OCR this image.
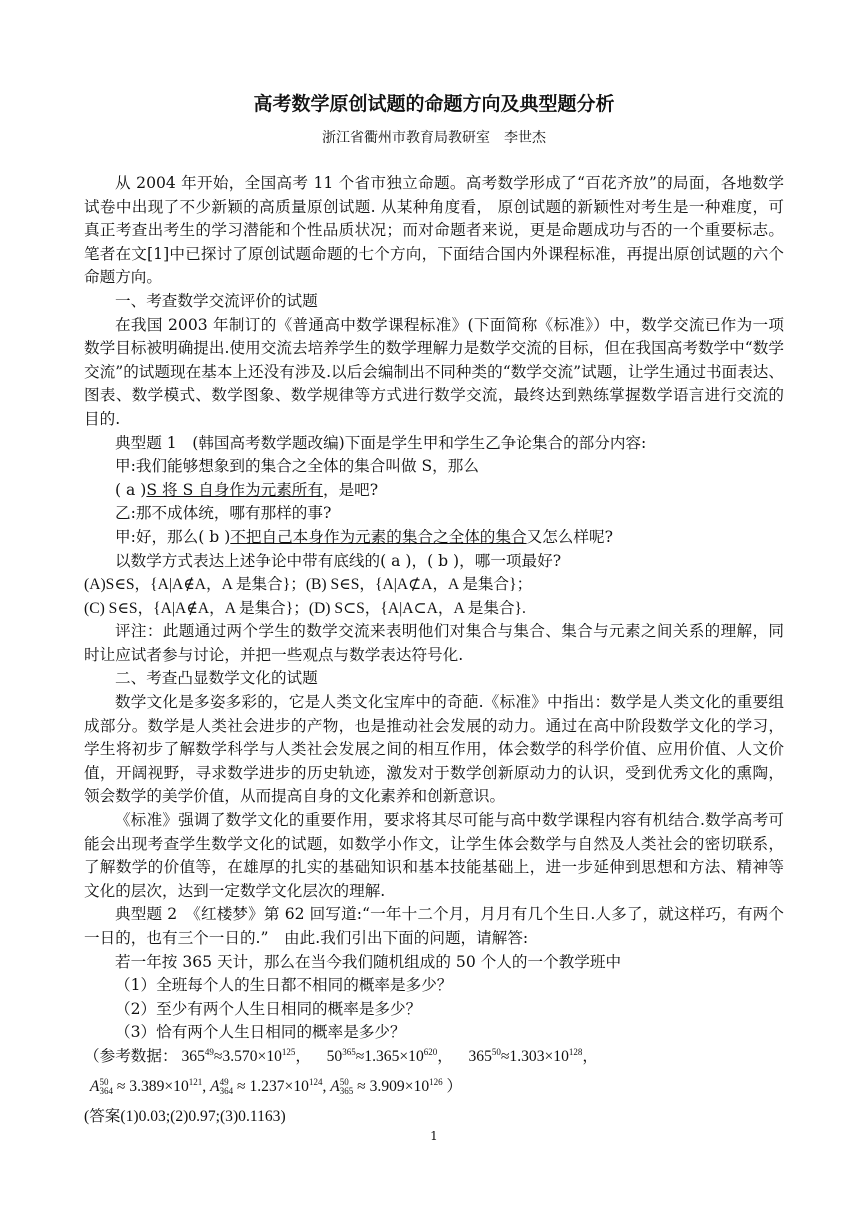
高考数学原创试题的命题方向及典型题分析
浙江省衢州市教育局教研室　李世杰

从 2004 年开始，全国高考 11 个省市独立命题。高考数学形成了“百花齐放”的局面，各地数学试卷中出现了不少新颖的高质量原创试题. 从某种角度看， 原创试题的新颖性对考生是一种难度，可真正考查出考生的学习潜能和个性品质状况；而对命题者来说，更是命题成功与否的一个重要标志。笔者在文[1]中已探讨了原创试题命题的七个方向，下面结合国内外课程标准，再提出原创试题的六个命题方向。

一、考查数学交流评价的试题

在我国 2003 年制订的《普通高中数学课程标准》(下面简称《标准》）中，数学交流已作为一项数学目标被明确提出.使用交流去培养学生的数学理解力是数学交流的目标，但在我国高考数学中“数学交流”的试题现在基本上还没有涉及.以后会编制出不同种类的“数学交流”试题，让学生通过书面表达、图表、数学模式、数学图象、数学规律等方式进行数学交流，最终达到熟练掌握数学语言进行交流的目的.

典型题 1　(韩国高考数学题改编)下面是学生甲和学生乙争论集合的部分内容:

甲:我们能够想象到的集合之全体的集合叫做 S，那么

( a )S 将 S 自身作为元素所有，是吧?

乙:那不成体统，哪有那样的事?

甲:好，那么( b )不把自己本身作为元素的集合之全体的集合又怎么样呢?

以数学方式表达上述争论中带有底线的( a )，( b )，哪一项最好?

(A)S∈S，{A|A∉A，A 是集合}；(B) S∈S，{A|A⊄A，A 是集合}；

(C) S∈S，{A|A∉A，A 是集合}；(D) S⊂S，{A|A⊂A，A 是集合}.

评注：此题通过两个学生的数学交流来表明他们对集合与集合、集合与元素之间关系的理解，同时让应试者参与讨论，并把一些观点与数学表达符号化.

二、考查凸显数学文化的试题

数学文化是多姿多彩的，它是人类文化宝库中的奇葩.《标准》中指出：数学是人类文化的重要组成部分。数学是人类社会进步的产物，也是推动社会发展的动力。通过在高中阶段数学文化的学习，学生将初步了解数学科学与人类社会发展之间的相互作用，体会数学的科学价值、应用价值、人文价值，开阔视野，寻求数学进步的历史轨迹，激发对于数学创新原动力的认识，受到优秀文化的熏陶，领会数学的美学价值，从而提高自身的文化素养和创新意识。

《标准》强调了数学文化的重要作用，要求将其尽可能与高中数学课程内容有机结合.数学高考可能会出现考查学生数学文化的试题，如数学小作文，让学生体会数学与自然及人类社会的密切联系，了解数学的价值等，在雄厚的扎实的基础知识和基本技能基础上，进一步延伸到思想和方法、精神等文化的层次，达到一定数学文化层次的理解.

典型题 2　《红楼梦》第 62 回写道:“一年十二个月，月月有几个生日.人多了，就这样巧，有两个一日的，也有三个一日的.”　由此.我们引出下面的问题，请解答:

若一年按 365 天计，那么在当今我们随机组成的 50 个人的一个教学班中

（1）全班每个人的生日都不相同的概率是多少？

（2）至少有两个人生日相同的概率是多少？

（3）恰有两个人生日相同的概率是多少？

（参考数据： $365^{49}\approx 3.570\times 10^{125}$， $50^{365}\approx 1.365\times 10^{620}$， $365^{50}\approx 1.303\times 10^{128}$，

A50
$364 \approx 3.389\times 10^{121}$, A49
$364 \approx 1.237\times 10^{124}$, A50
$365 \approx 3.909\times 10^{126}$ ）

(答案(1)0.03;(2)0.97;(3)0.1163)

1
